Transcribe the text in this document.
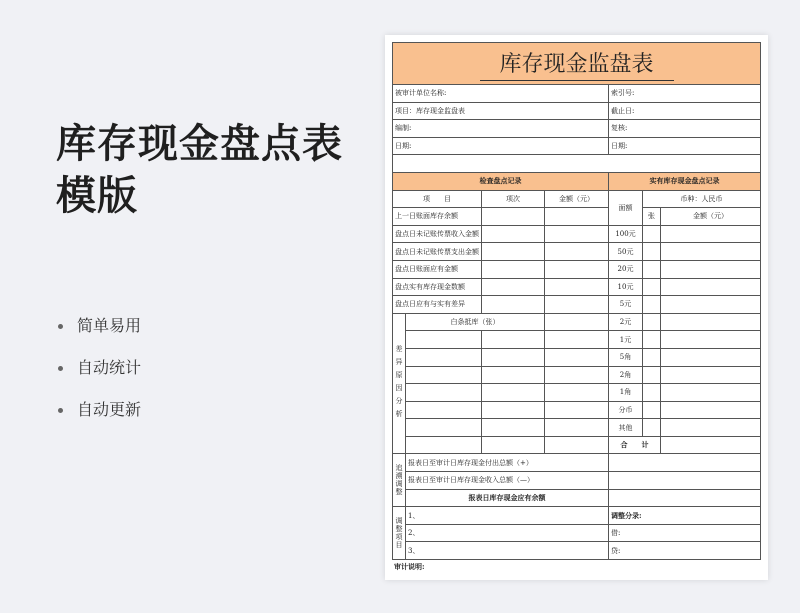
库存现金盘点表模版
简单易用
自动统计
自动更新
库存现金监盘表						
被审计单位名称:				索引号:		
项目：库存现金监盘表				截止日:		
编制:				复核:		
日期:				日期:		

检查盘点记录				实有库存现金盘点记录		
项　　目		项次	金额（元）	面额	币种：人民币	
上一日账面库存余额					张	金额（元）
盘点日未记账传票收入金额				100元		
盘点日未记账传票支出金额				50元		
盘点日账面应有金额				20元		
盘点实有库存现金数额				10元		
盘点日应有与实有差异				5元		
差异原因分析	白条抵库（张）			2元		
				1元		
				5角		
				2角		
				1角		
				分币		
				其他		
				合　　计		
追溯调整	报表日至审计日库存现金付出总额（+）					
	报表日至审计日库存现金收入总额（—）					
	报表日库存现金应有余额					
调整项目	1、			调整分录:		
	2、			借:		
	3、			贷:		
审计说明:
